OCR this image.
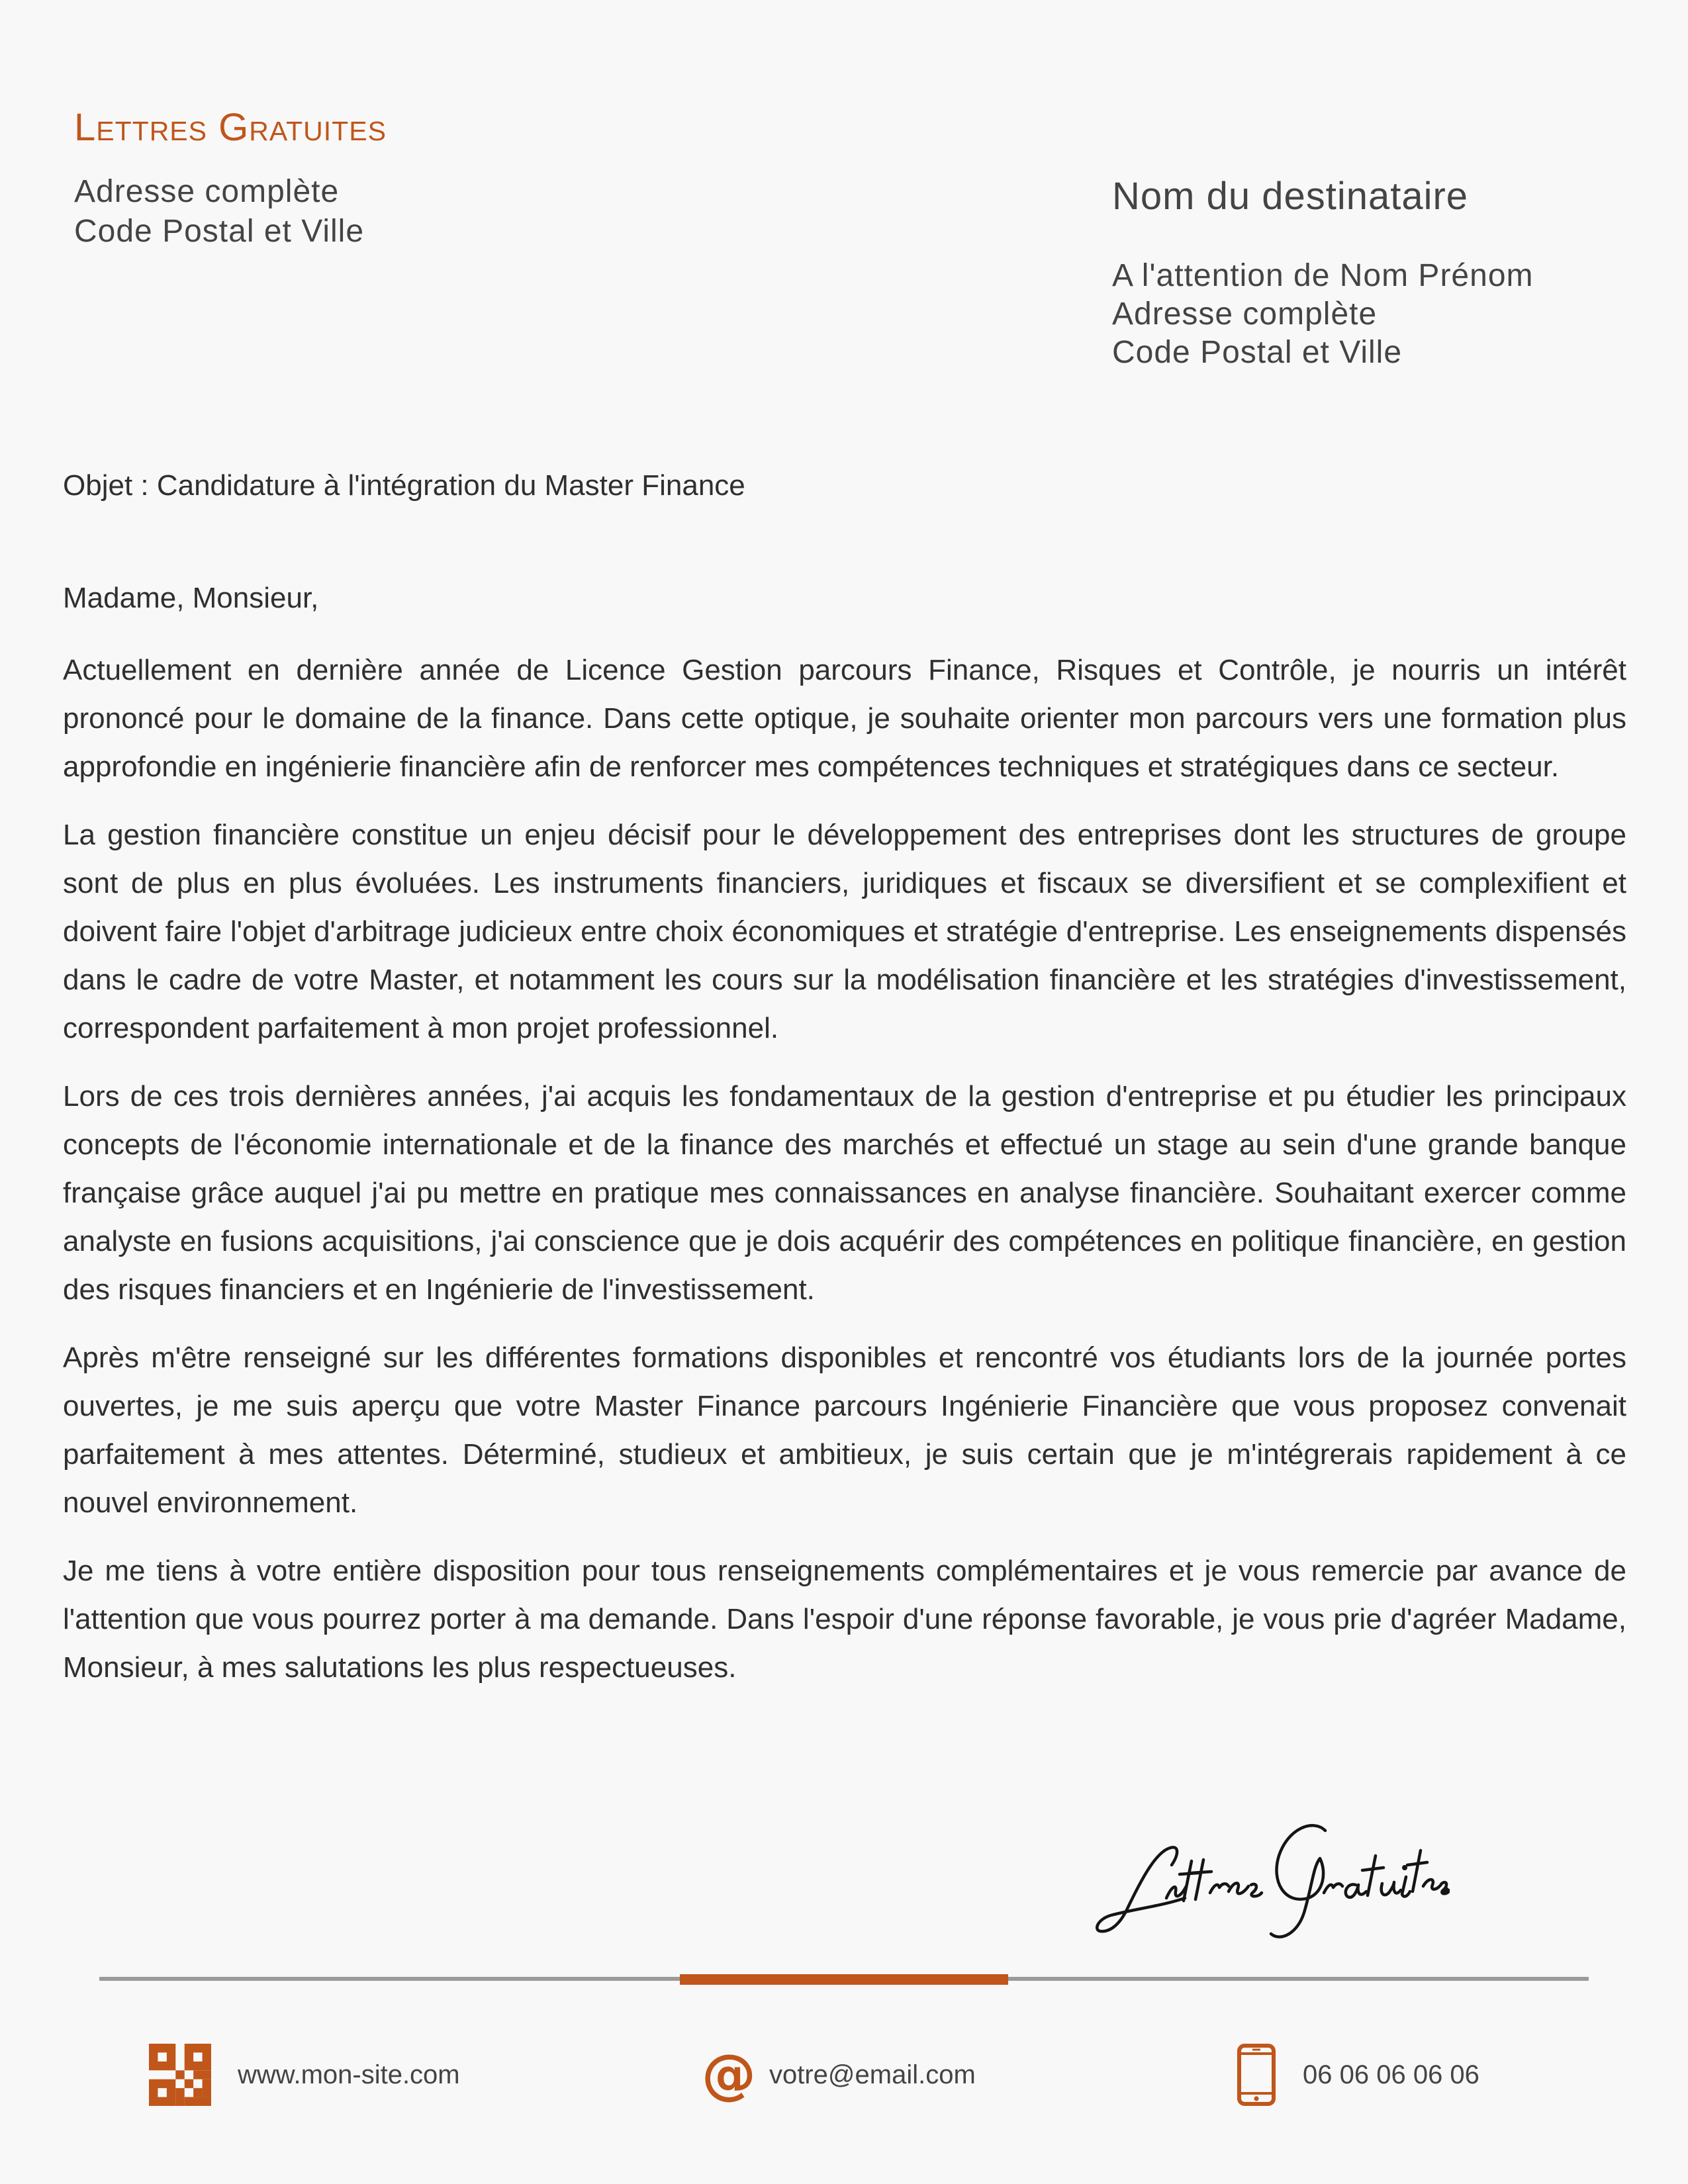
Lettres Gratuites
Adresse complète
Code Postal et Ville
Nom du destinataire
A l'attention de Nom Prénom
Adresse complète
Code Postal et Ville
Objet : Candidature à l'intégration du Master Finance
Madame, Monsieur,

Actuellement en dernière année de Licence Gestion parcours Finance, Risques et Contrôle, je nourris un intérêt prononcé pour le domaine de la finance. Dans cette optique, je souhaite orienter mon parcours vers une formation plus approfondie en ingénierie financière afin de renforcer mes compétences techniques et stratégiques dans ce secteur.

La gestion financière constitue un enjeu décisif pour le développement des entreprises dont les structures de groupe sont de plus en plus évoluées. Les instruments financiers, juridiques et fiscaux se diversifient et se complexifient et doivent faire l'objet d'arbitrage judicieux entre choix économiques et stratégie d'entreprise. Les enseignements dispensés dans le cadre de votre Master, et notamment les cours sur la modélisation financière et les stratégies d'investissement, correspondent parfaitement à mon projet professionnel.

Lors de ces trois dernières années, j'ai acquis les fondamentaux de la gestion d'entreprise et pu étudier les principaux concepts de l'économie internationale et de la finance des marchés et effectué un stage au sein d'une grande banque française grâce auquel j'ai pu mettre en pratique mes connaissances en analyse financière. Souhaitant exercer comme analyste en fusions acquisitions, j'ai conscience que je dois acquérir des compétences en politique financière, en gestion des risques financiers et en Ingénierie de l'investissement.

Après m'être renseigné sur les différentes formations disponibles et rencontré vos étudiants lors de la journée portes ouvertes, je me suis aperçu que votre Master Finance parcours Ingénierie Financière que vous proposez convenait parfaitement à mes attentes. Déterminé, studieux et ambitieux, je suis certain que je m'intégrerais rapidement à ce nouvel environnement.

Je me tiens à votre entière disposition pour tous renseignements complémentaires et je vous remercie par avance de l'attention que vous pourrez porter à ma demande. Dans l'espoir d'une réponse favorable, je vous prie d'agréer Madame, Monsieur, à mes salutations les plus respectueuses.

www.mon-site.com	@ votre@email.com	06 06 06 06 06
